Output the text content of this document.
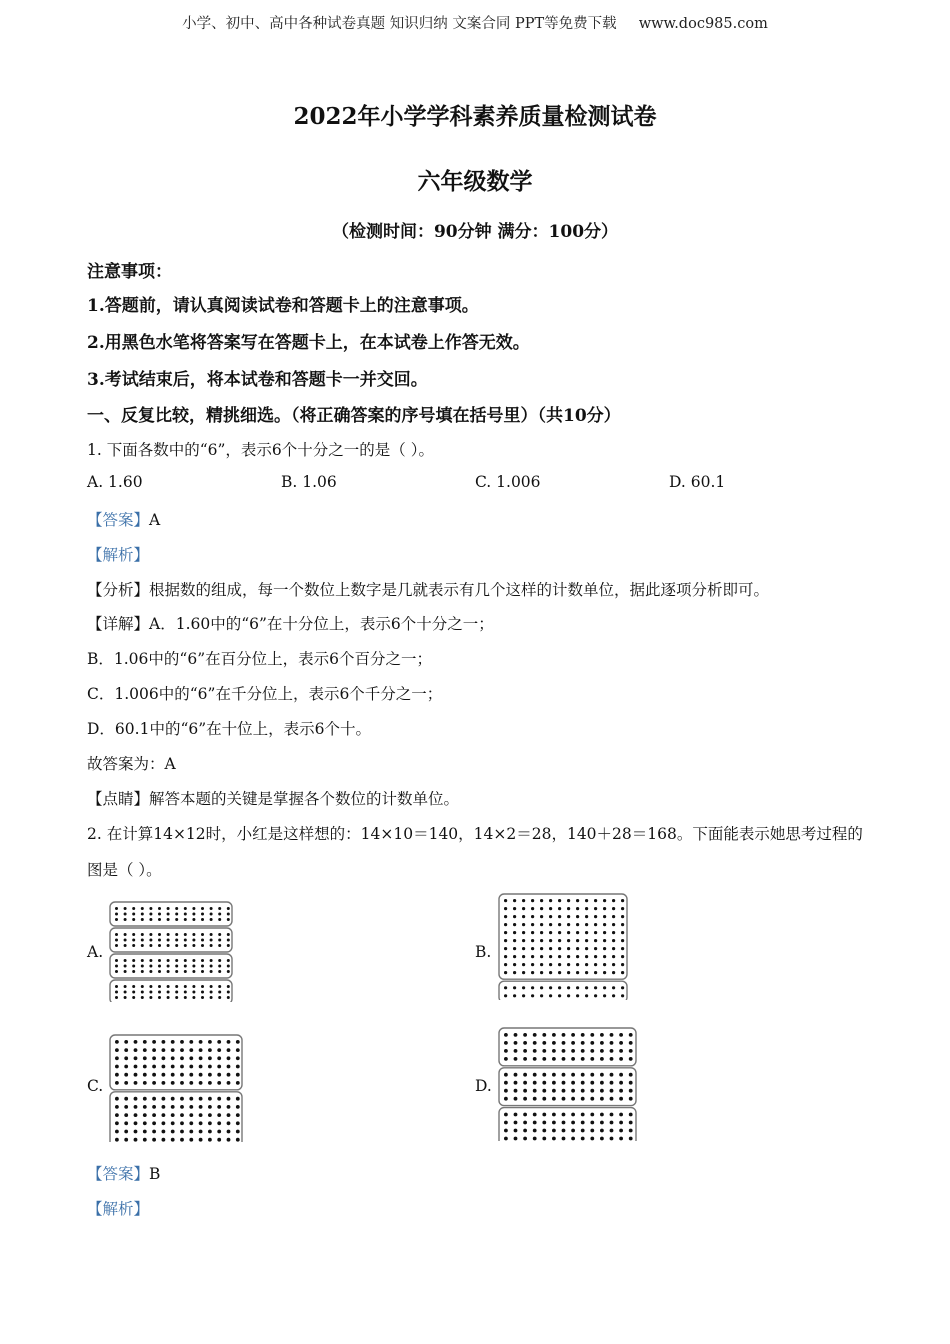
小学、初中、高中各种试卷真题 知识归纳 文案合同 PPT等免费下载 www.doc985.com
2022年小学学科素养质量检测试卷
六年级数学
（检测时间：90分钟 满分：100分）
注意事项：
1.答题前，请认真阅读试卷和答题卡上的注意事项。
2.用黑色水笔将答案写在答题卡上，在本试卷上作答无效。
3.考试结束后，将本试卷和答题卡一并交回。
一、反复比较，精挑细选。（将正确答案的序号填在括号里）（共10分）
1. 下面各数中的“6”，表示6个十分之一的是（ ）。
A. 1.60	B. 1.06	C. 1.006	D. 60.1
【答案】A
【解析】
【分析】根据数的组成，每一个数位上数字是几就表示有几个这样的计数单位，据此逐项分析即可。
【详解】A．1.60中的“6”在十分位上，表示6个十分之一；
B．1.06中的“6”在百分位上，表示6个百分之一；
C．1.006中的“6”在千分位上，表示6个千分之一；
D．60.1中的“6”在十位上，表示6个十。
故答案为：A
【点睛】解答本题的关键是掌握各个数位的计数单位。
2. 在计算14×12时，小红是这样想的：14×10＝140，14×2＝28，140＋28＝168。下面能表示她思考过程的
图是（ ）。
A.	B.
C.	D.
【答案】B
【解析】
